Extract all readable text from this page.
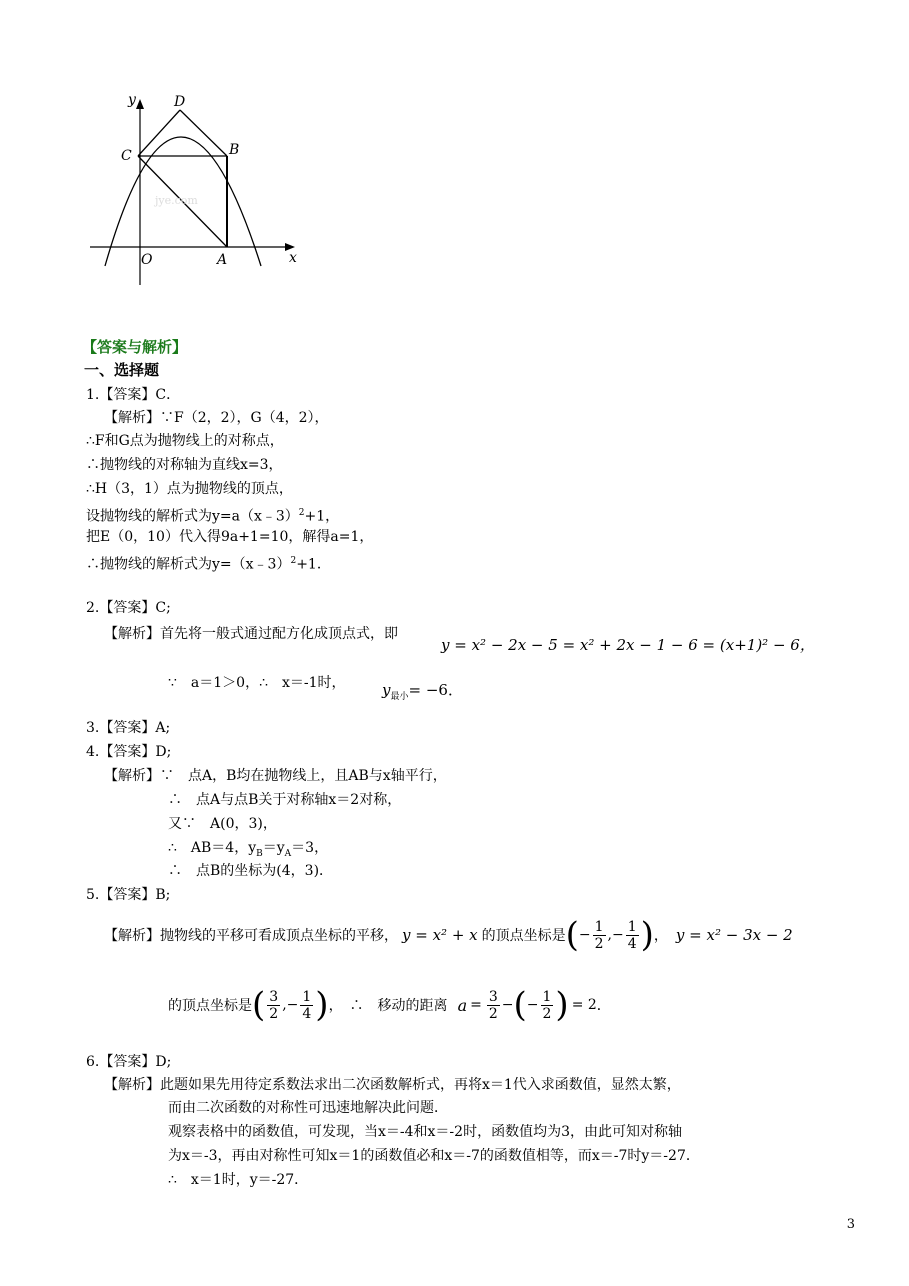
jye.com
y	D
C	B
O	A	x
【答案与解析】
一、选择题
1.【答案】C．
【解析】∵F（2，2），G（4，2），
∴F和G点为抛物线上的对称点，
∴抛物线的对称轴为直线x=3，
∴H（3，1）点为抛物线的顶点，
设抛物线的解析式为y=a（x﹣3）$^2$+1，
把E（0，10）代入得9a+1=10，解得a=1，
∴抛物线的解析式为y=（x﹣3）$^2$+1．
2.【答案】C;
【解析】首先将一般式通过配方化成顶点式，即
y = x² − 2x − 5 = x² + 2x − 1 − 6 = (x+1)² − 6，
∵　a＝1＞0，∴　x＝-1时， $y_{最小}= -6$．
3.【答案】A;
4.【答案】D;
【解析】∵　点A，B均在抛物线上，且AB与x轴平行，
∴　点A与点B关于对称轴x＝2对称，
又∵　A(0，3)，
∴　AB＝4，$y_B=y_A=3$，
∴　点B的坐标为(4，3)．
5.【答案】B;
【解析】抛物线的平移可看成顶点坐标的平移， y = x² + x 的顶点坐标是 ( − $\frac{1}{2}$ , − $\frac{1}{4}$ ) ， y = x² − 3x − 2
的顶点坐标是 ( $\frac{3}{2}$ , − $\frac{1}{4}$ ) ，　∴　移动的距离 $a = \frac{3}{2}$ − ( − $\frac{1}{2}$ ) = 2 ．
6.【答案】D;
【解析】此题如果先用待定系数法求出二次函数解析式，再将x＝1代入求函数值，显然太繁，
而由二次函数的对称性可迅速地解决此问题．
观察表格中的函数值，可发现，当x＝-4和x＝-2时，函数值均为3，由此可知对称轴
为x＝-3，再由对称性可知x＝1的函数值必和x＝-7的函数值相等，而x＝-7时y＝-27．
∴　x＝1时，y＝-27．
3
